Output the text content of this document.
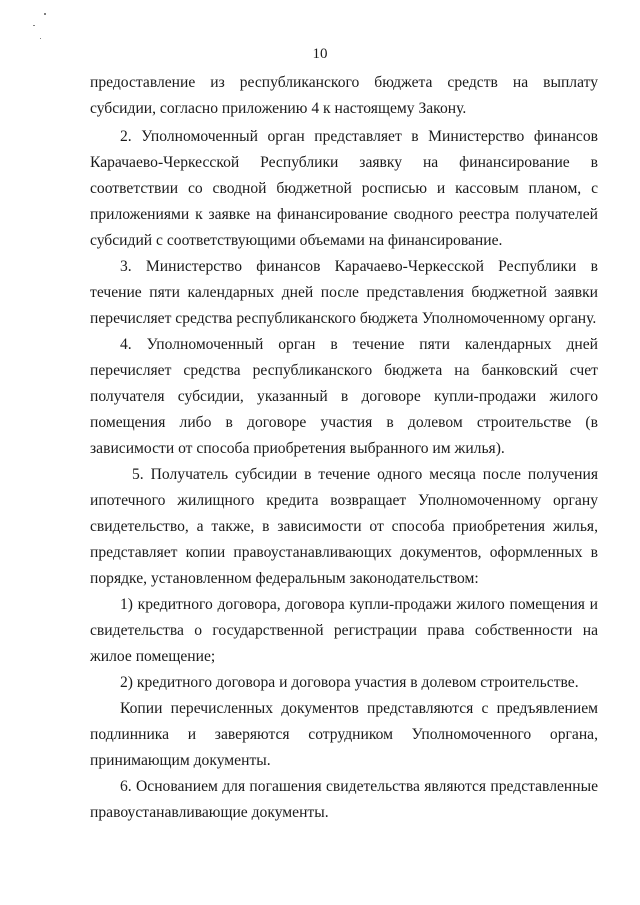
10

предоставление из республиканского бюджета средств на выплату субсидии, согласно приложению 4 к настоящему Закону.

2. Уполномоченный орган представляет в Министерство финансов Карачаево-Черкесской Республики заявку на финансирование в соответствии со сводной бюджетной росписью и кассовым планом, с приложениями к заявке на финансирование сводного реестра получателей субсидий с соответствующими объемами на финансирование.

3. Министерство финансов Карачаево-Черкесской Республики в течение пяти календарных дней после представления бюджетной заявки перечисляет средства республиканского бюджета Уполномоченному органу.

4. Уполномоченный орган в течение пяти календарных дней перечисляет средства республиканского бюджета на банковский счет получателя субсидии, указанный в договоре купли-продажи жилого помещения либо в договоре участия в долевом строительстве (в зависимости от способа приобретения выбранного им жилья).

5. Получатель субсидии в течение одного месяца после получения ипотечного жилищного кредита возвращает Уполномоченному органу свидетельство, а также, в зависимости от способа приобретения жилья, представляет копии правоустанавливающих документов, оформленных в порядке, установленном федеральным законодательством:

1) кредитного договора, договора купли-продажи жилого помещения и свидетельства о государственной регистрации права собственности на жилое помещение;

2) кредитного договора и договора участия в долевом строительстве.

Копии перечисленных документов представляются с предъявлением подлинника и заверяются сотрудником Уполномоченного органа, принимающим документы.

6. Основанием для погашения свидетельства являются представленные правоустанавливающие документы.
